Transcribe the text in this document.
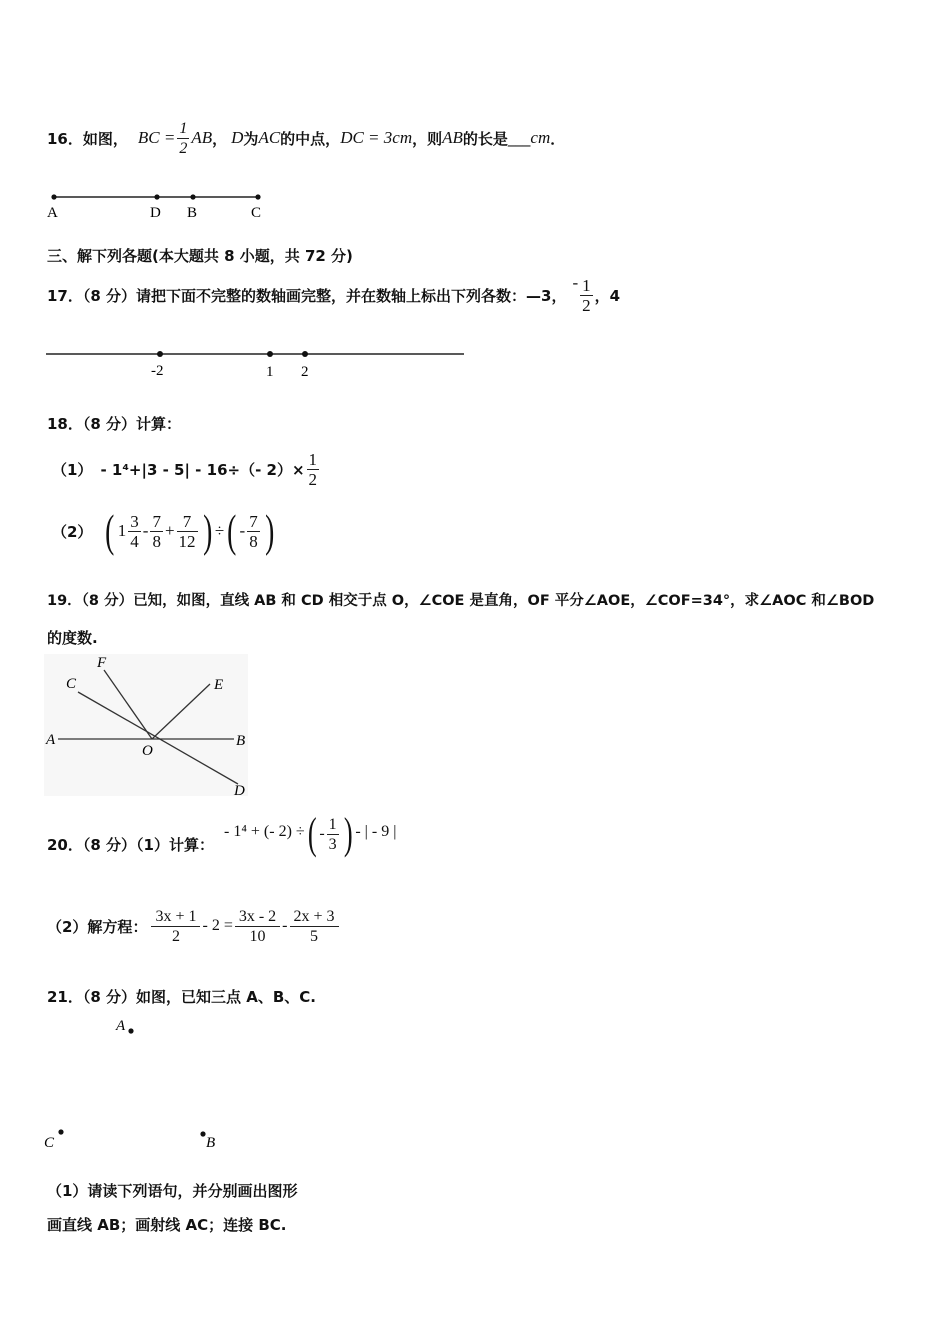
16． 如图， BC = $\frac{1}{2}$ AB ， D 为 AC 的中点， DC = 3cm ，则 AB 的长是 ___ cm ．
A	D B	C
三、解下列各题(本大题共 8 小题，共 72 分)
17．（8 分）请把下面不完整的数轴画完整，并在数轴上标出下列各数：—3，
- $\frac{1}{2}$ ，4
-2	1 2
18．（8 分）计算：
（1） - 1⁴+|3 - 5| - 16÷（- $2)\times \frac{1}{2}$
（2） ( $1 \frac{3}{4} - \frac{7}{8} + \frac{7}{12}$ ) ÷ ( - $\frac{7}{8}$ )
19．（8 分）已知，如图，直线 AB 和 CD 相交于点 O，∠COE 是直角，OF 平分∠AOE，∠COF=34°，求∠AOC 和∠BOD
的度数.
C
F
E
A
O
B
D
20．（8 分）（1）计算：
- 1⁴ + (- 2) ÷ ( - $\frac{1}{3}$ ) - | - 9 |
（2）解方程： $\frac{3x + 1}{2} - 2 = \frac{3x - 2}{10} - \frac{2x + 3}{5}$
21．（8 分）如图，已知三点 A、B、C.
A
C	B
（1）请读下列语句，并分别画出图形
画直线 AB；画射线 AC；连接 BC.
